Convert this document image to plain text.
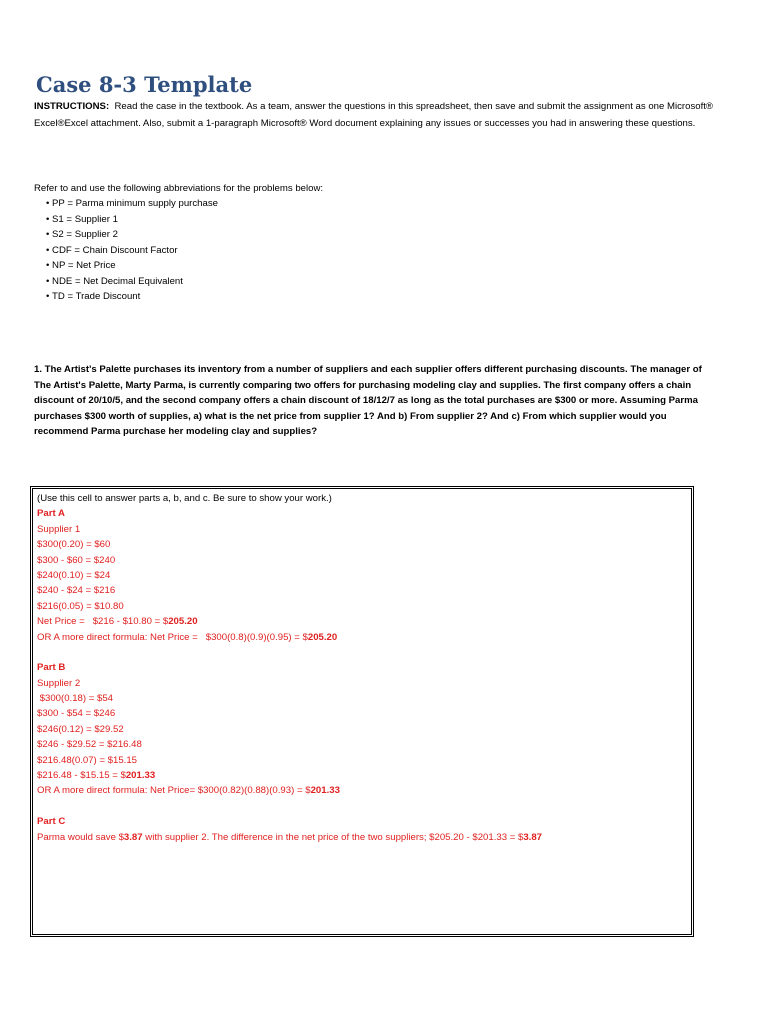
Case 8-3 Template

INSTRUCTIONS: Read the case in the textbook. As a team, answer the questions in this spreadsheet, then save and submit the assignment as one Microsoft® Excel®Excel attachment. Also, submit a 1-paragraph Microsoft® Word document explaining any issues or successes you had in answering these questions.

Refer to and use the following abbreviations for the problems below:

• PP = Parma minimum supply purchase
• S1 = Supplier 1
• S2 = Supplier 2
• CDF = Chain Discount Factor
• NP = Net Price
• NDE = Net Decimal Equivalent
• TD = Trade Discount

1. The Artist's Palette purchases its inventory from a number of suppliers and each supplier offers different purchasing discounts. The manager of The Artist's Palette, Marty Parma, is currently comparing two offers for purchasing modeling clay and supplies. The first company offers a chain discount of 20/10/5, and the second company offers a chain discount of 18/12/7 as long as the total purchases are $300 or more. Assuming Parma purchases $300 worth of supplies, a) what is the net price from supplier 1? And b) From supplier 2? And c) From which supplier would you recommend Parma purchase her modeling clay and supplies?

(Use this cell to answer parts a, b, and c. Be sure to show your work.)
Part A
Supplier 1
$300(0.20) = $60
$300 - $60 = $240
$240(0.10) = $24
$240 - $24 = $216
$216(0.05) = $10.80
Net Price =   $216 - $10.80 = $205.20
OR A more direct formula: Net Price =   $300(0.8)(0.9)(0.95) = $205.20
Part B
Supplier 2
$300(0.18) = $54
$300 - $54 = $246
$246(0.12) = $29.52
$246 - $29.52 = $216.48
$216.48(0.07) = $15.15
$216.48 - $15.15 = $201.33
OR A more direct formula: Net Price= $300(0.82)(0.88)(0.93) = $201.33
Part C
Parma would save $3.87 with supplier 2. The difference in the net price of the two suppliers; $205.20 - $201.33 = $3.87
